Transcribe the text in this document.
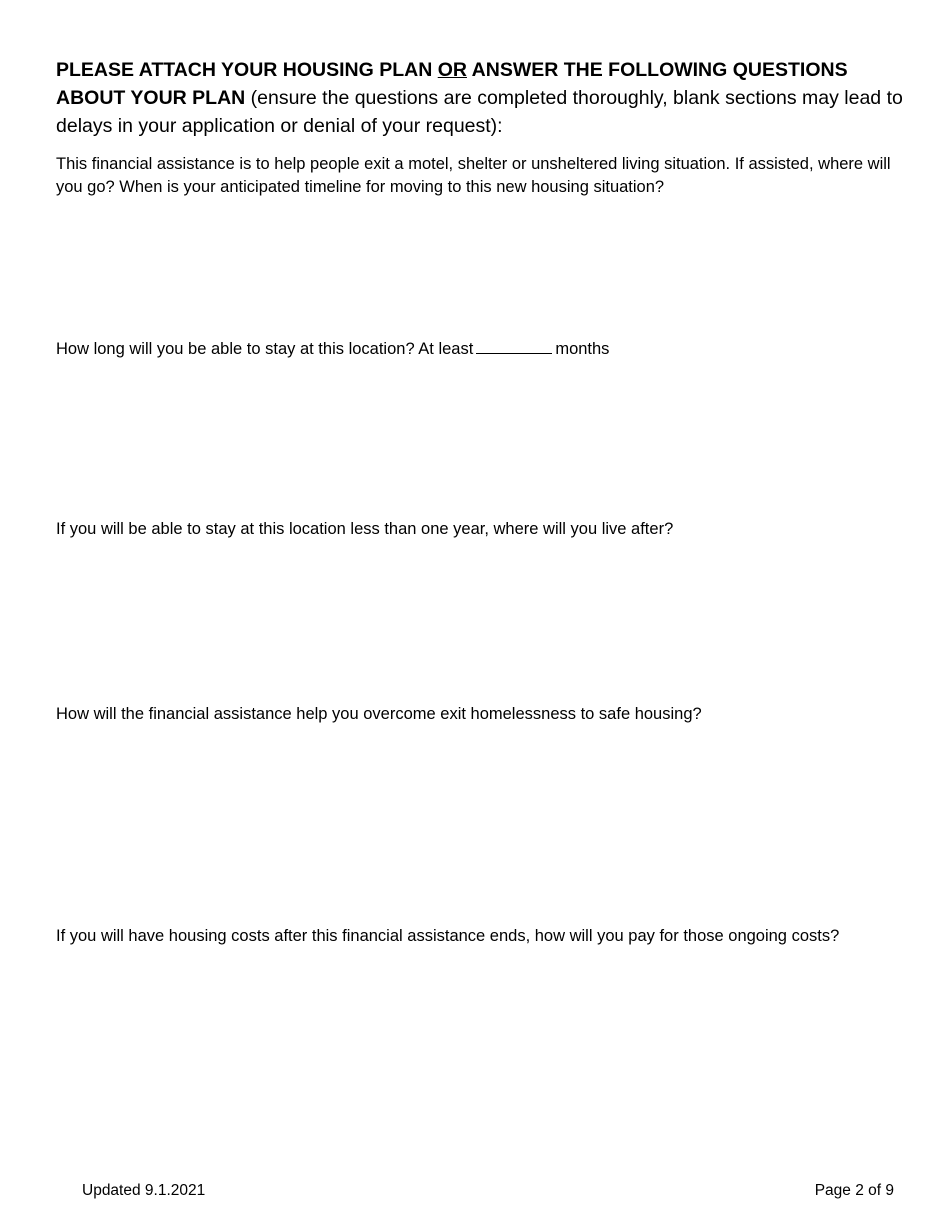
PLEASE ATTACH YOUR HOUSING PLAN OR ANSWER THE FOLLOWING QUESTIONS ABOUT YOUR PLAN (ensure the questions are completed thoroughly, blank sections may lead to delays in your application or denial of your request):

This financial assistance is to help people exit a motel, shelter or unsheltered living situation. If assisted, where will you go? When is your anticipated timeline for moving to this new housing situation?

How long will you be able to stay at this location? At least	months

If you will be able to stay at this location less than one year, where will you live after?

How will the financial assistance help you overcome exit homelessness to safe housing?

If you will have housing costs after this financial assistance ends, how will you pay for those ongoing costs?

Updated 9.1.2021	Page 2 of 9
